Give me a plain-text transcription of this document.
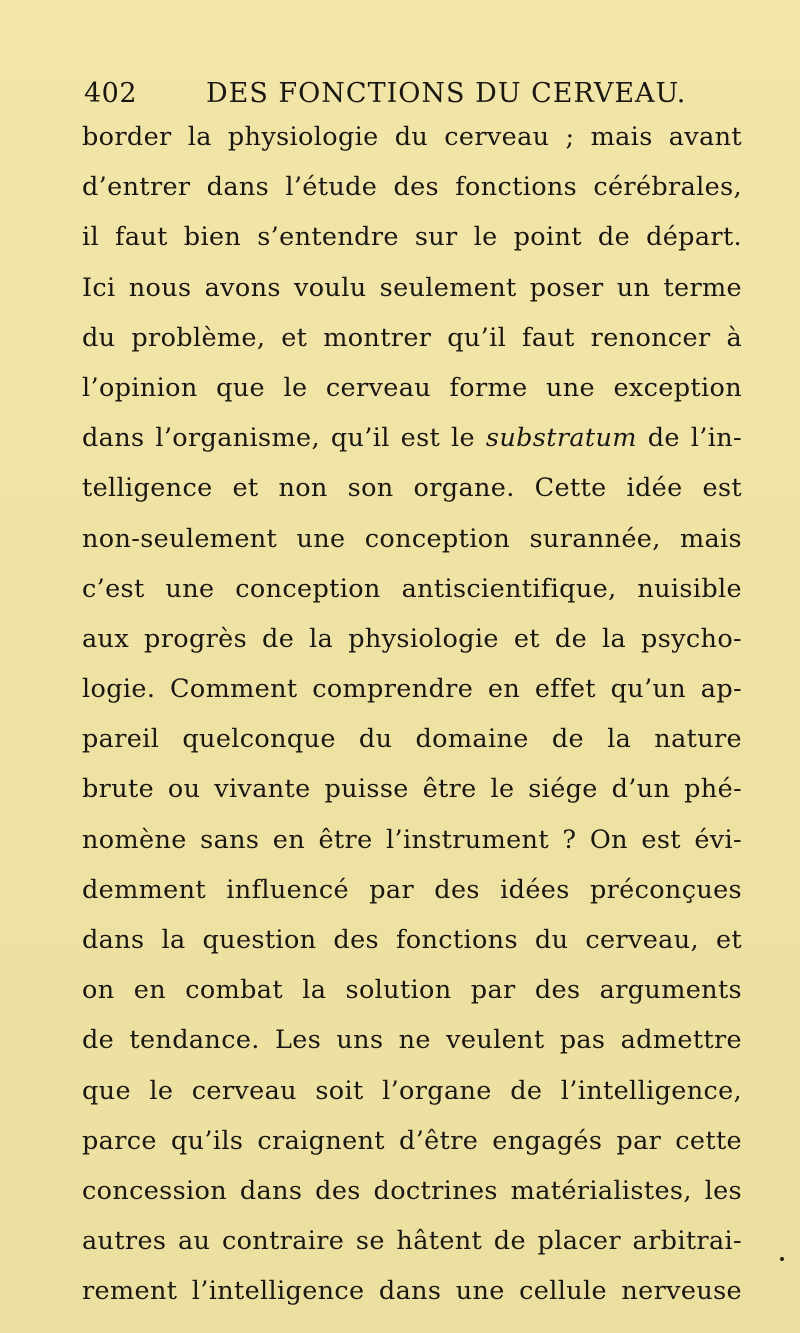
402	DES FONCTIONS DU CERVEAU.
border la physiologie du cerveau ; mais avant
d’entrer dans l’étude des fonctions cérébrales,
il faut bien s’entendre sur le point de départ.
Ici nous avons voulu seulement poser un terme
du problème, et montrer qu’il faut renoncer à
l’opinion que le cerveau forme une exception
dans l’organisme, qu’il est le substratum de l’in-
telligence et non son organe. Cette idée est
non-seulement une conception surannée, mais
c’est une conception antiscientifique, nuisible
aux progrès de la physiologie et de la psycho-
logie. Comment comprendre en effet qu’un ap-
pareil quelconque du domaine de la nature
brute ou vivante puisse être le siége d’un phé-
nomène sans en être l’instrument ? On est évi-
demment influencé par des idées préconçues
dans la question des fonctions du cerveau, et
on en combat la solution par des arguments
de tendance. Les uns ne veulent pas admettre
que le cerveau soit l’organe de l’intelligence,
parce qu’ils craignent d’être engagés par cette
concession dans des doctrines matérialistes, les
autres au contraire se hâtent de placer arbitrai-
rement l’intelligence dans une cellule nerveuse
